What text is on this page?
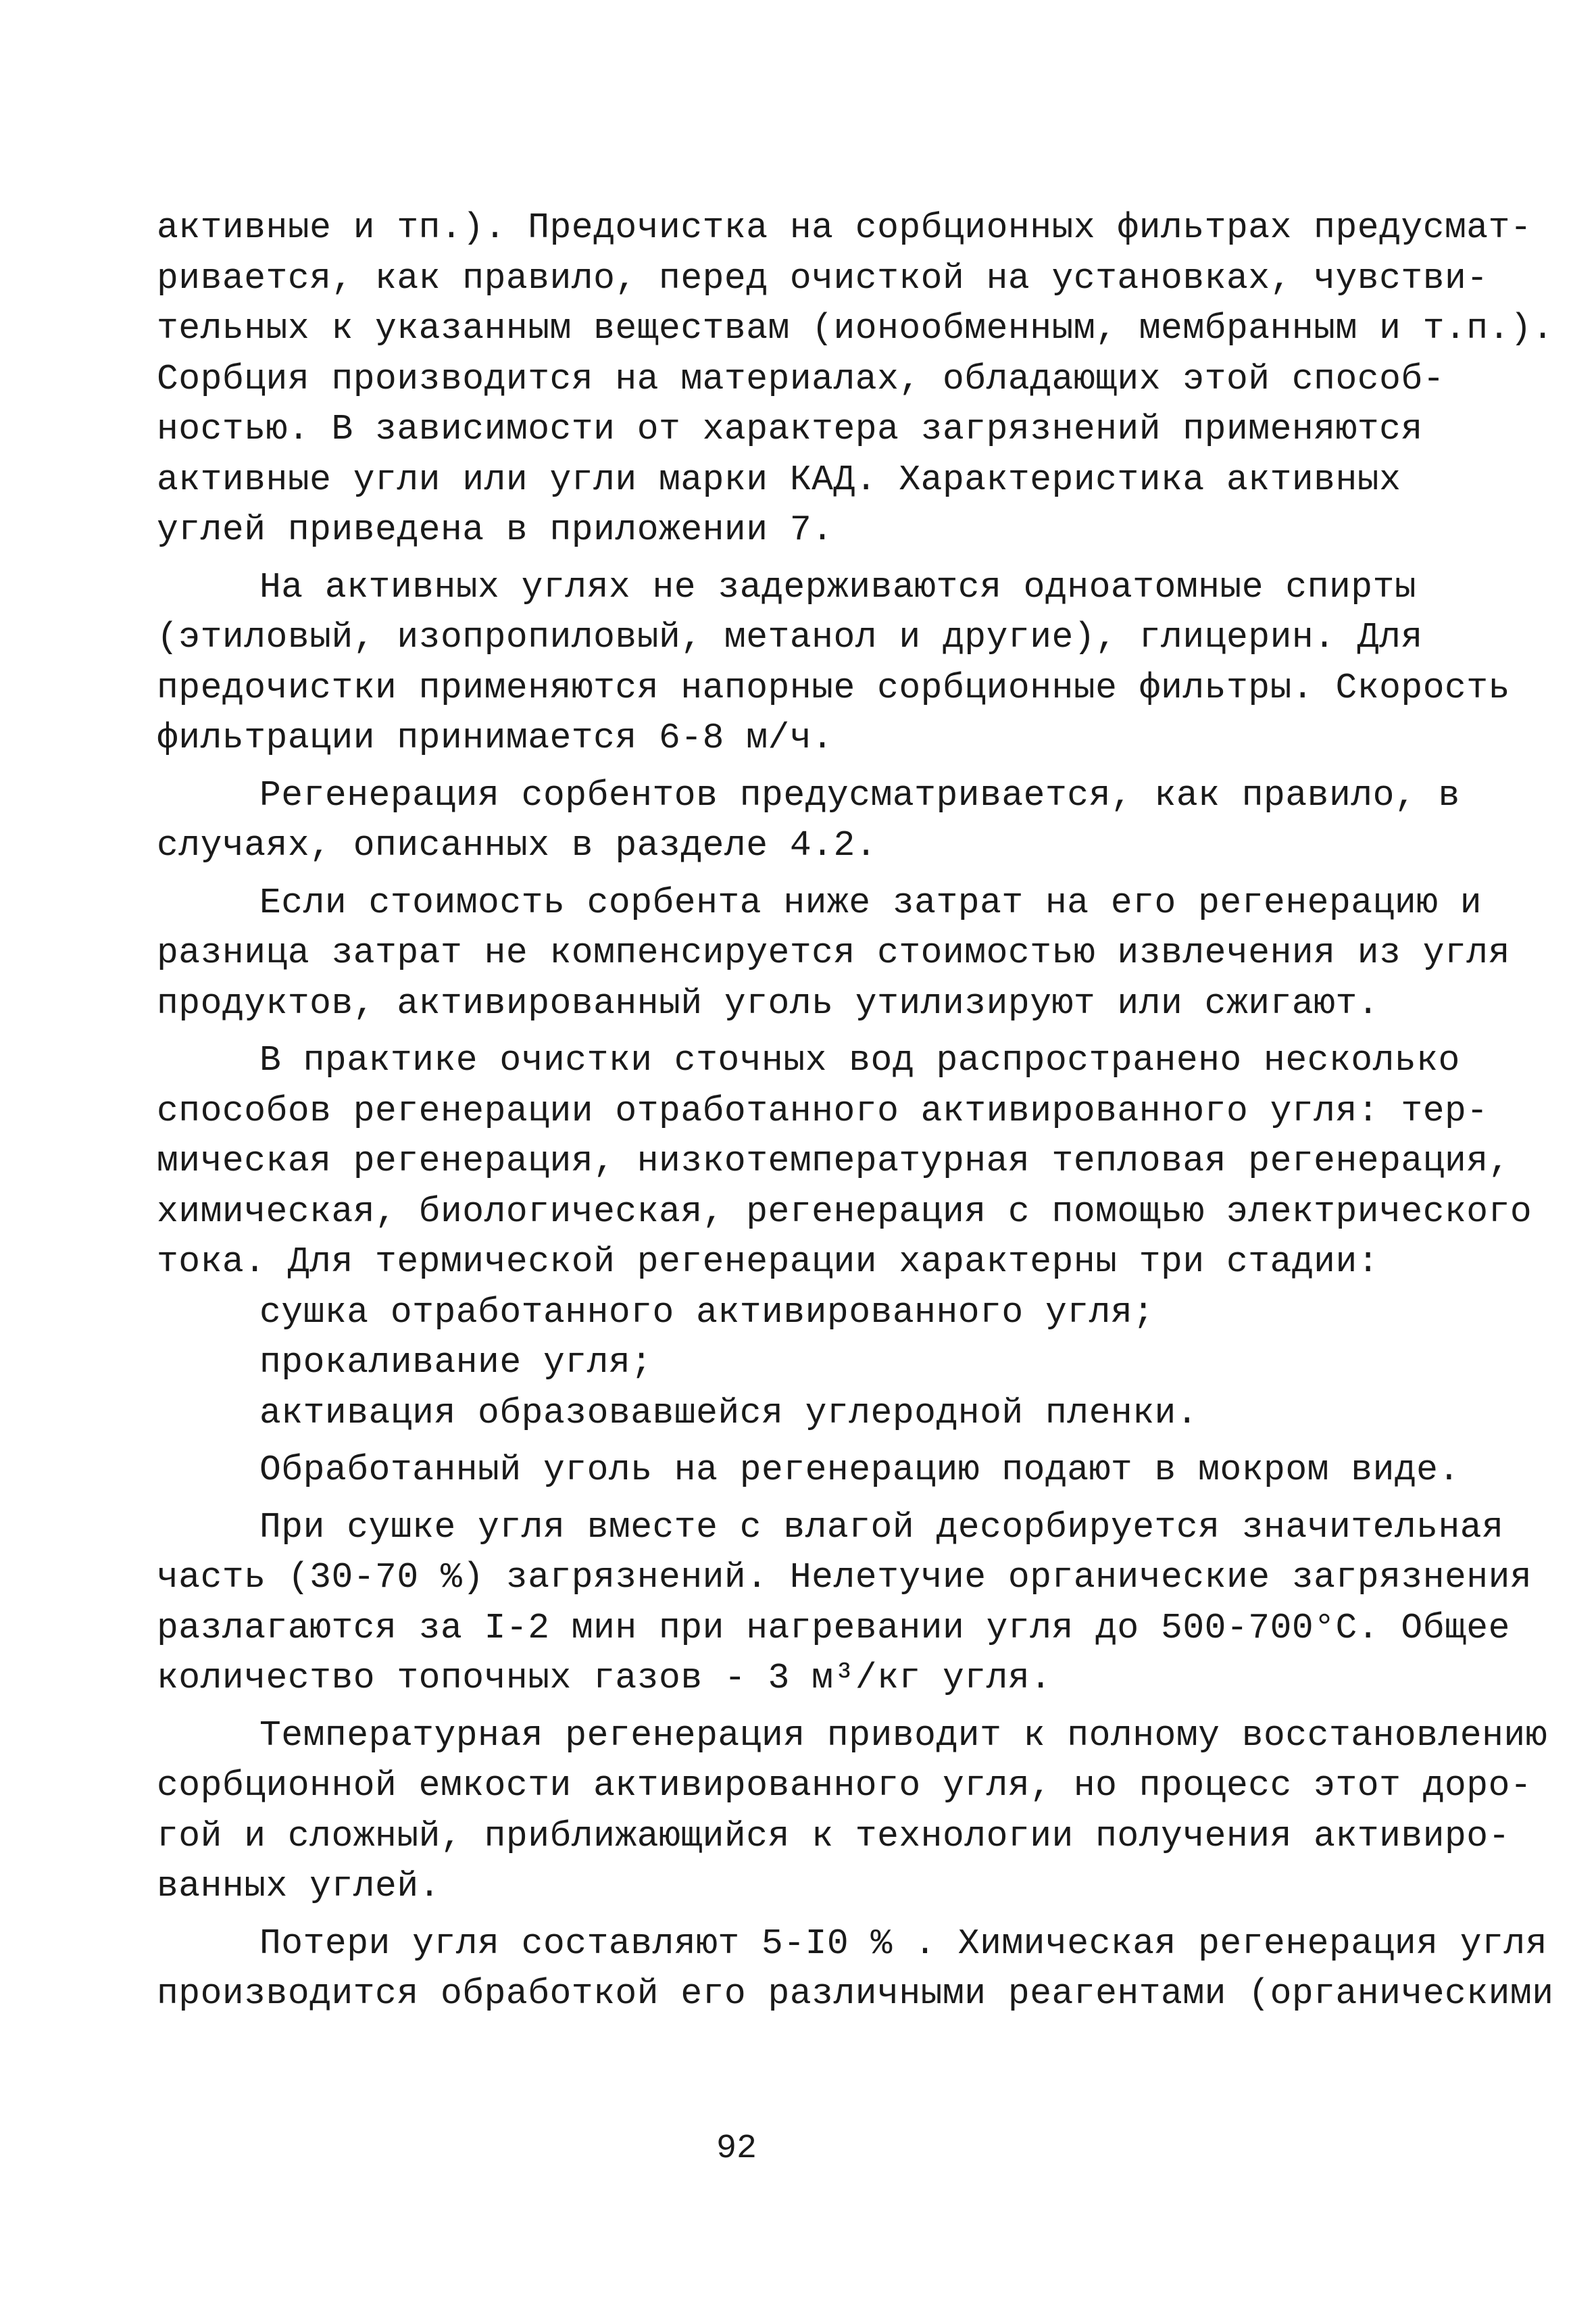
активные и тп.). Предочистка на сорбционных фильтрах предусмат-
ривается, как правило, перед очисткой на установках, чувстви-
тельных к указанным веществам (ионообменным, мембранным и т.п.).
Сорбция производится на материалах, обладающих этой способ-
ностью. В зависимости от характера загрязнений применяются
активные угли или угли марки КАД. Характеристика активных
углей приведена в приложении 7.
На активных углях не задерживаются одноатомные спирты
(этиловый, изопропиловый, метанол и другие), глицерин. Для
предочистки применяются напорные сорбционные фильтры. Скорость
фильтрации принимается 6-8 м/ч.
Регенерация сорбентов предусматривается, как правило, в
случаях, описанных в разделе 4.2.
Если стоимость сорбента ниже затрат на его регенерацию и
разница затрат не компенсируется стоимостью извлечения из угля
продуктов, активированный уголь утилизируют или сжигают.
В практике очистки сточных вод распространено несколько
способов регенерации отработанного активированного угля: тер-
мическая регенерация, низкотемпературная тепловая регенерация,
химическая, биологическая, регенерация с помощью электрического
тока. Для термической регенерации характерны три стадии:
сушка отработанного активированного угля;
прокаливание угля;
активация образовавшейся углеродной пленки.
Обработанный уголь на регенерацию подают в мокром виде.
При сушке угля вместе с влагой десорбируется значительная
часть (30-70 %) загрязнений. Нелетучие органические загрязнения
разлагаются за I-2 мин при нагревании угля до 500-700°С. Общее
количество топочных газов - 3 м³/кг угля.
Температурная регенерация приводит к полному восстановлению
сорбционной емкости активированного угля, но процесс этот доро-
гой и сложный, приближающийся к технологии получения активиро-
ванных углей.
Потери угля составляют 5-I0 % . Химическая регенерация угля
производится обработкой его различными реагентами (органическими
92
